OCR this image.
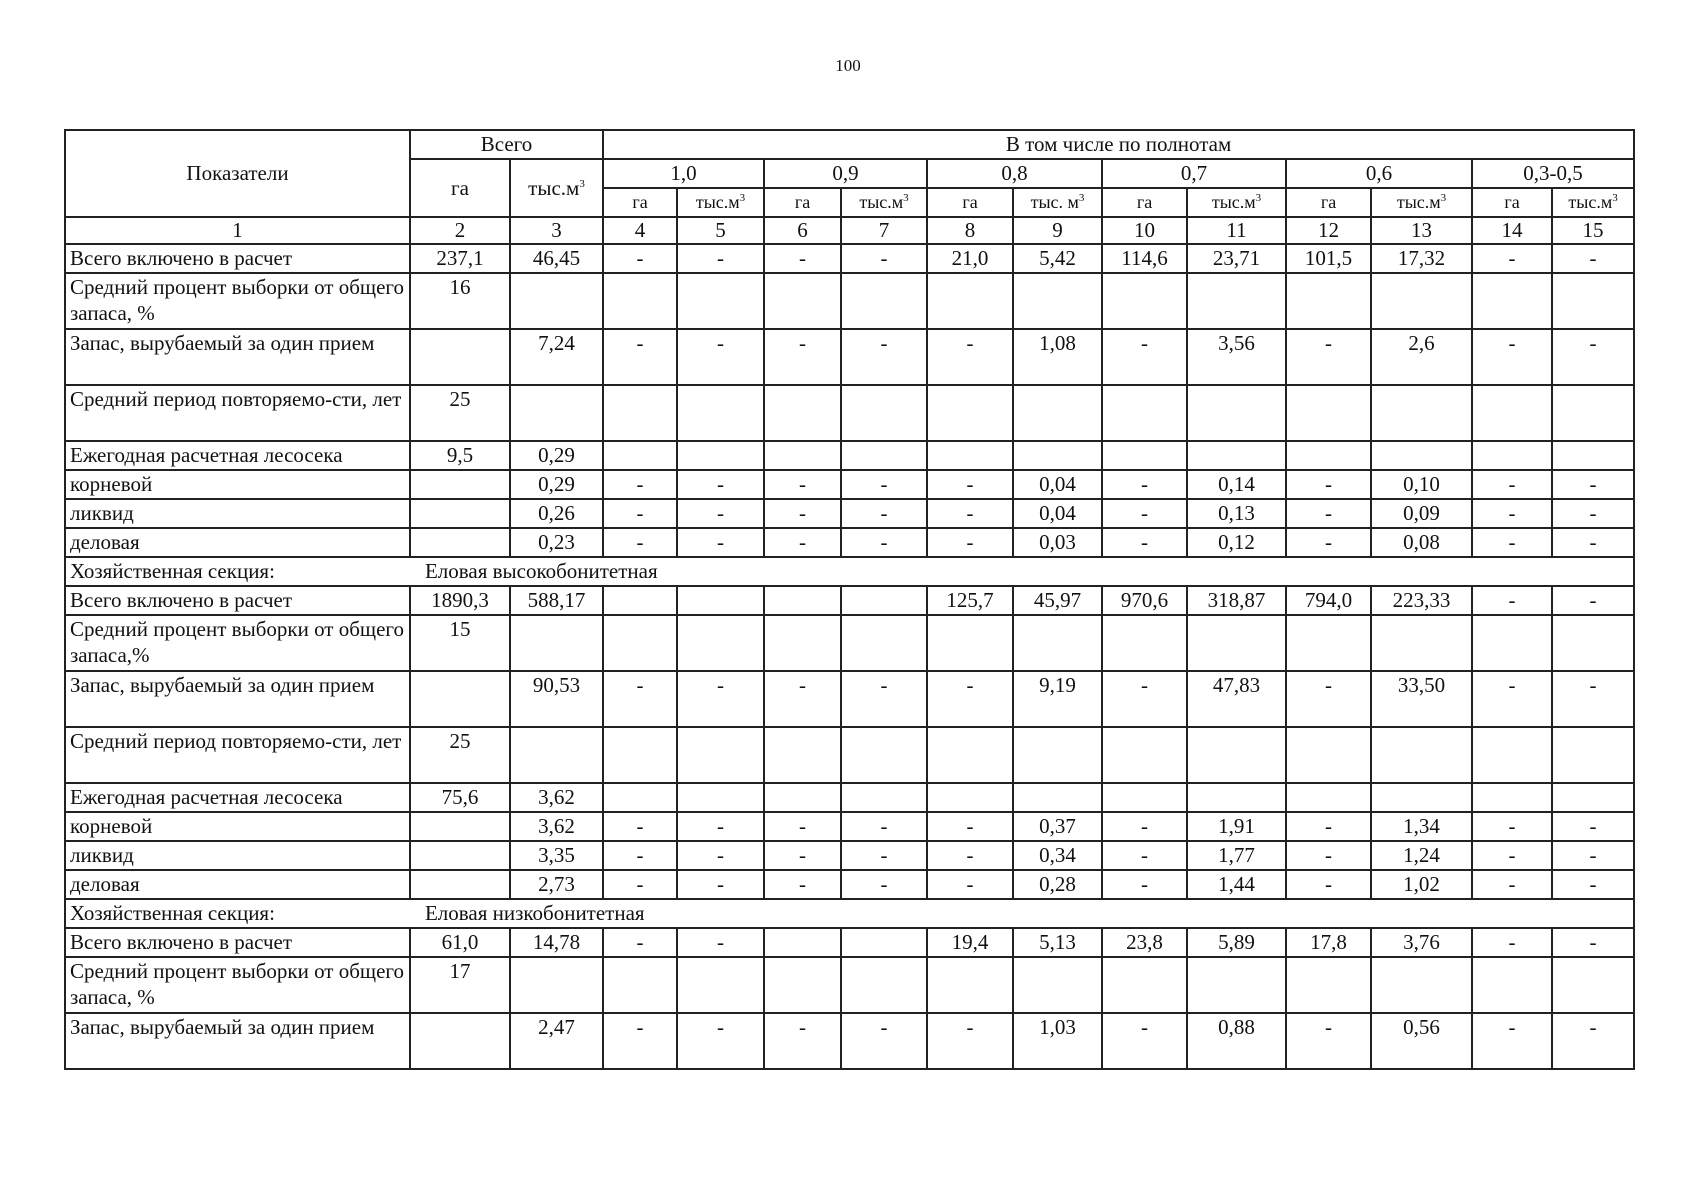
100
Показатели	Всего		В том числе по полнотам											
	га	$тыс.м^3$	1,0		0,9		0,8		0,7		0,6		0,3-0,5	
			га	$тыс.м^3$	га	$тыс.м^3$	га	тыс. $м^3$	га	$тыс.м^3$	га	$тыс.м^3$	га	$тыс.м^3$
1	2	3	4	5	6	7	8	9	10	11	12	13	14	15
Всего включено в расчет	237,1	46,45	-	-	-	-	21,0	5,42	114,6	23,71	101,5	17,32	-	-
Средний процент выборки от общего запаса, %	16													
Запас, вырубаемый за один прием		7,24	-	-	-	-	-	1,08	-	3,56	-	2,6	-	-
Средний период повторяемо-сти, лет	25													
Ежегодная расчетная лесосека	9,5	0,29												
корневой		0,29	-	-	-	-	-	0,04	-	0,14	-	0,10	-	-
ликвид		0,26	-	-	-	-	-	0,04	-	0,13	-	0,09	-	-
деловая		0,23	-	-	-	-	-	0,03	-	0,12	-	0,08	-	-
Хозяйственная секция: Еловая высокобонитетная														
Всего включено в расчет	1890,3	588,17					125,7	45,97	970,6	318,87	794,0	223,33	-	-
Средний процент выборки от общего запаса,%	15													
Запас, вырубаемый за один прием		90,53	-	-	-	-	-	9,19	-	47,83	-	33,50	-	-
Средний период повторяемо-сти, лет	25													
Ежегодная расчетная лесосека	75,6	3,62												
корневой		3,62	-	-	-	-	-	0,37	-	1,91	-	1,34	-	-
ликвид		3,35	-	-	-	-	-	0,34	-	1,77	-	1,24	-	-
деловая		2,73	-	-	-	-	-	0,28	-	1,44	-	1,02	-	-
Хозяйственная секция: Еловая низкобонитетная														
Всего включено в расчет	61,0	14,78	-	-			19,4	5,13	23,8	5,89	17,8	3,76	-	-
Средний процент выборки от общего запаса, %	17													
Запас, вырубаемый за один прием		2,47	-	-	-	-	-	1,03	-	0,88	-	0,56	-	-
